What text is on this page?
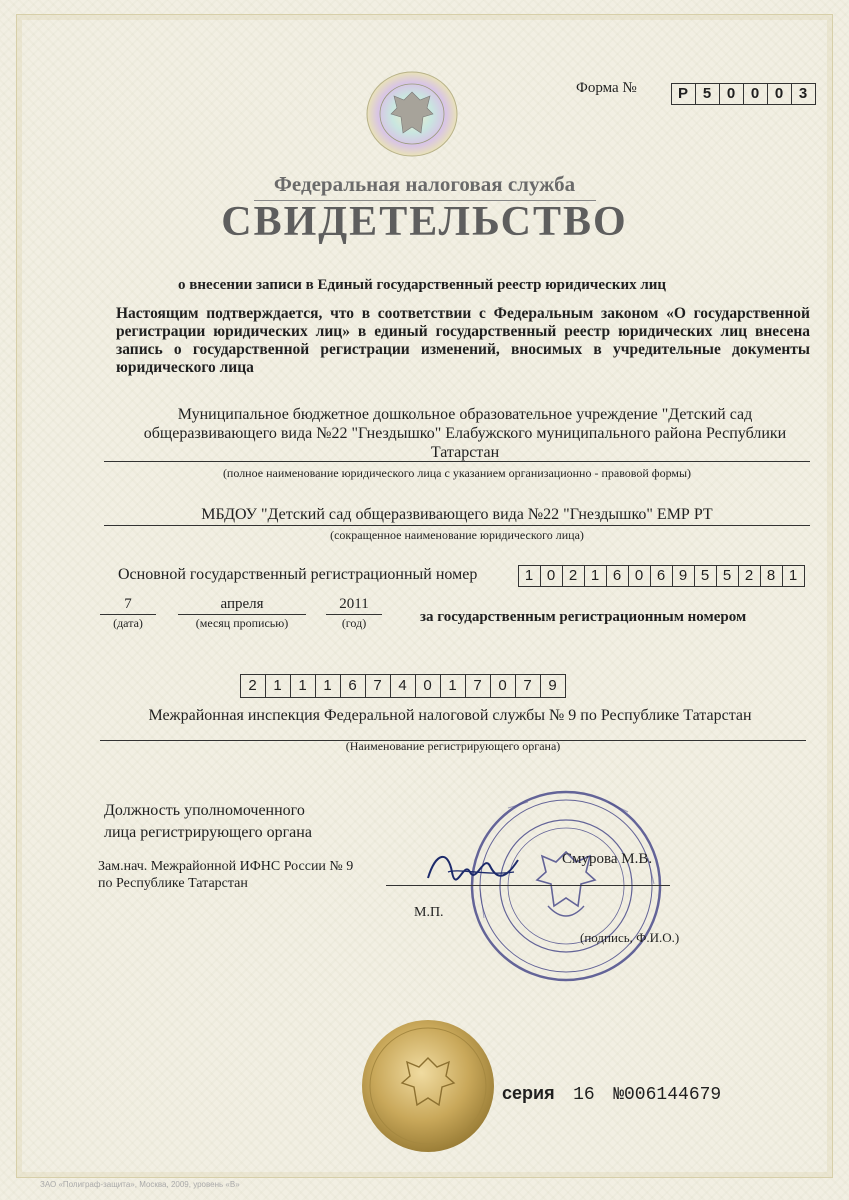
Форма №	Р 5 0 0 0 3
Федеральная налоговая служба
СВИДЕТЕЛЬСТВО
о внесении записи в Единый государственный реестр юридических лиц
Настоящим подтверждается, что в соответствии с Федеральным законом «О государственной регистрации юридических лиц» в единый государственный реестр юридических лиц внесена запись о государственной регистрации изменений, вносимых в учредительные документы юридического лица
Муниципальное бюджетное дошкольное образовательное учреждение "Детский сад общеразвивающего вида №22 "Гнездышко" Елабужского муниципального района Республики Татарстан
(полное наименование юридического лица с указанием организационно - правовой формы)
МБДОУ "Детский сад общеразвивающего вида №22 "Гнездышко" ЕМР РТ
(сокращенное наименование юридического лица)
Основной государственный регистрационный номер	1 0 2 1 6 0 6 9 5 5 2 8 1
7
(дата)
апреля
(месяц прописью)
2011
(год)	за государственным регистрационным номером
2	1	1	1	6	7	4	0	1	7	0	7	9
Межрайонная инспекция Федеральной налоговой службы № 9 по Республике Татарстан
(Наименование регистрирующего органа)
Должность уполномоченного
лица регистрирующего органа
Зам.нач. Межрайонной ИФНС России № 9
по Республике Татарстан
Смурова М.В.
М.П.
(подпись, Ф.И.О.)
серия 16 №006144679
ЗАО «Полиграф-защита», Москва, 2009, уровень «В»
